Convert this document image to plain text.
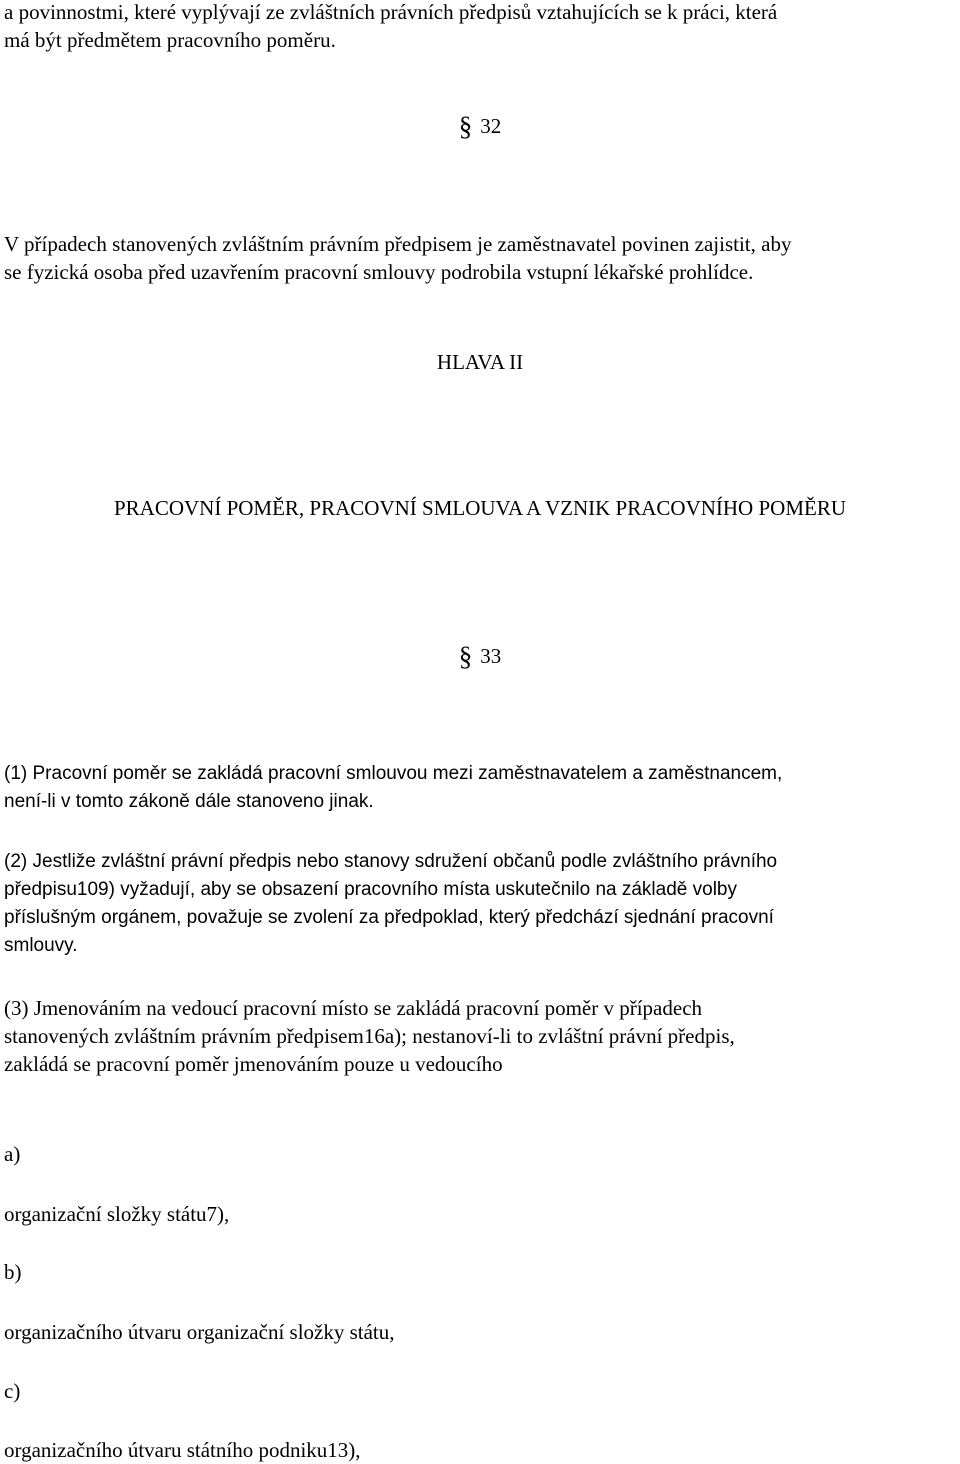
a povinnostmi, které vyplývají ze zvláštních právních předpisů vztahujících se k práci, která
má být předmětem pracovního poměru.
§ 32
V případech stanovených zvláštním právním předpisem je zaměstnavatel povinen zajistit, aby
se fyzická osoba před uzavřením pracovní smlouvy podrobila vstupní lékařské prohlídce.
HLAVA II
PRACOVNÍ POMĚR, PRACOVNÍ SMLOUVA A VZNIK PRACOVNÍHO POMĚRU
§ 33
(1) Pracovní poměr se zakládá pracovní smlouvou mezi zaměstnavatelem a zaměstnancem,
není-li v tomto zákoně dále stanoveno jinak.
(2) Jestliže zvláštní právní předpis nebo stanovy sdružení občanů podle zvláštního právního
předpisu109) vyžadují, aby se obsazení pracovního místa uskutečnilo na základě volby
příslušným orgánem, považuje se zvolení za předpoklad, který předchází sjednání pracovní
smlouvy.
(3) Jmenováním na vedoucí pracovní místo se zakládá pracovní poměr v případech
stanovených zvláštním právním předpisem16a); nestanoví-li to zvláštní právní předpis,
zakládá se pracovní poměr jmenováním pouze u vedoucího
a)
organizační složky státu7),
b)
organizačního útvaru organizační složky státu,
c)
organizačního útvaru státního podniku13),
